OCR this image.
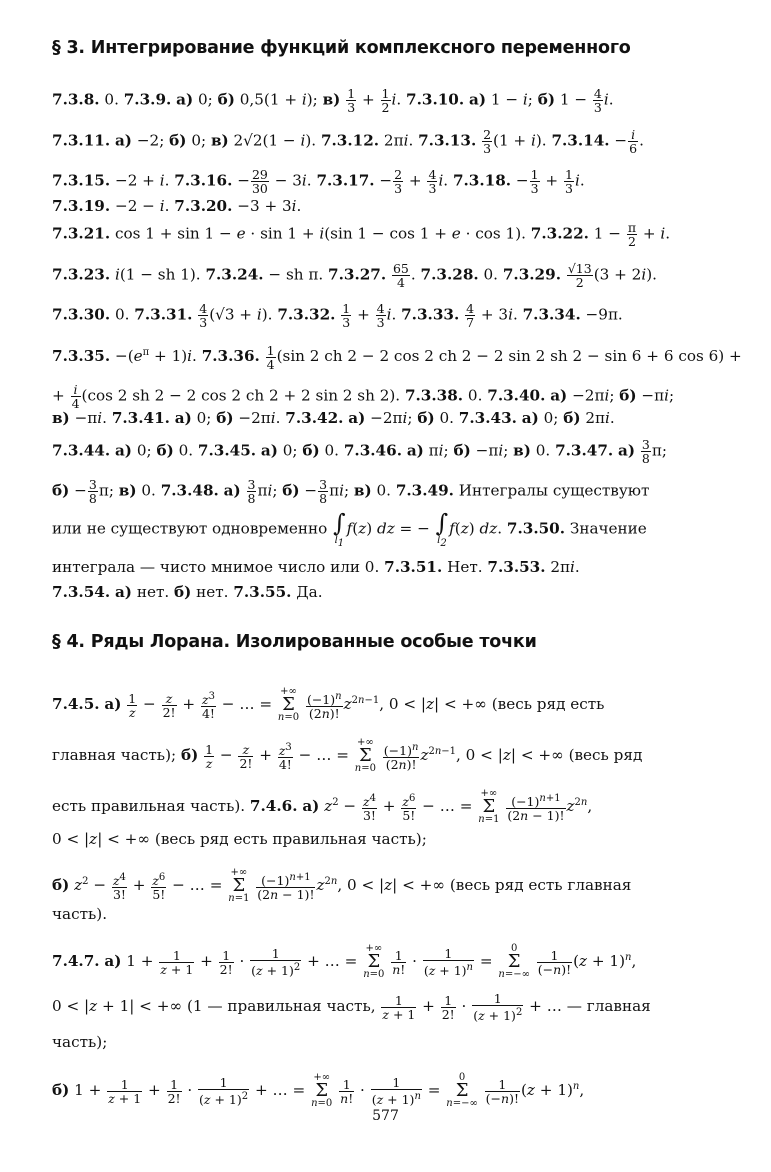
§ 3. Интегрирование функций комплексного переменного
7.3.8. 0. 7.3.9. а) 0; б) 0,5(1 + i); $в) \frac{1}{3} + \frac{1}{2} i$. 7.3.10. а) 1 − i; б) $1 - \frac{4}{3} i$.
7.3.11. а) −2; б) 0; в) 2√2(1 − i). 7.3.12. 2πi. 7.3.13. $\frac{2}{3} (1 + i)$. 7.3.14. − $\frac{i}{6}$ .
7.3.15. −2 + i. 7.3.16. − $\frac{29}{30} - 3i$. 7.3.17. − $\frac{2}{3} + \frac{4}{3} i$. 7.3.18. − $\frac{1}{3} + \frac{1}{3} i$.
7.3.19. −2 − i. 7.3.20. −3 + 3i.
7.3.21. cos 1 + sin 1 − e · sin 1 + i(sin 1 − cos 1 + e · cos 1). 7.3.22. $1 - \frac{\pi}{2} + i$.
7.3.23. i(1 − sh 1). 7.3.24. − sh π. 7.3.27. $\frac{65}{4}$ . 7.3.28. 0. 7.3.29. $\frac{√13}{2} (3 + 2i)$.
7.3.30. 0. 7.3.31. $\frac{4}{3} (√3 + i)$. 7.3.32. $\frac{1}{3} + \frac{4}{3} i$. 7.3.33. $\frac{4}{7} + 3i$. 7.3.34. −9π.
7.3.35. $-(e^\pi + 1)i$. 7.3.36. $\frac{1}{4} (\sin$ 2 ch 2 − 2 cos 2 ch 2 − 2 sin 2 sh 2 − sin 6 + 6 cos 6) +
+ $\frac{i}{4} (\cos$ 2 sh 2 − 2 cos 2 ch 2 + 2 sin 2 sh 2). 7.3.38. 0. 7.3.40. а) −2πi; б) −πi;
в) −πi. 7.3.41. а) 0; б) −2πi. 7.3.42. а) −2πi; б) 0. 7.3.43. а) 0; б) 2πi.
7.3.44. а) 0; б) 0. 7.3.45. а) 0; б) 0. 7.3.46. а) πi; б) −πi; в) 0. 7.3.47. $а) \frac{3}{8} \pi$;
$б) - \frac{3}{8} \pi$; в) 0. 7.3.48. $а) \frac{3}{8} \pi i$; $б) - \frac{3}{8} \pi i$; в) 0. 7.3.49. Интегралы существуют
или не существуют одновременно ∫
$l_1$
f(z) dz = − ∫
$l_2$
f(z) dz. 7.3.50. Значение
интеграла — чисто мнимое число или 0. 7.3.51. Нет. 7.3.53. 2πi.
7.3.54. а) нет. б) нет. 7.3.55. Да.
§ 4. Ряды Лорана. Изолированные особые точки
7.4.5. $а) \frac{1}{z} - \frac{z}{2!} + \frac{z^3}{4!}$ − … = +∞
Σ
$n=0 \frac{(-1)^n}{(2n)!} z^{2n-1}$, 0 < |z| < +∞ (весь ряд есть
главная часть); $б) \frac{1}{z} - \frac{z}{2!} + \frac{z^3}{4!}$ − … = +∞
Σ
$n=0 \frac{(-1)^n}{(2n)!} z^{2n-1}$, 0 < |z| < +∞ (весь ряд
есть правильная часть). 7.4.6. а) $z^2 - \frac{z^4}{3!} + \frac{z^6}{5!}$ − … = +∞
Σ
$n=1 \frac{(-1)^{n+1}}{(2n - 1)!} z^{2n}$,
0 < |z| < +∞ (весь ряд есть правильная часть);
б) $z^2 - \frac{z^4}{3!} + \frac{z^6}{5!}$ − … = +∞
Σ
$n=1 \frac{(-1)^{n+1}}{(2n - 1)!} z^{2n}$, 0 < |z| < +∞ (весь ряд есть главная
часть).
7.4.7. а) $1 + \frac{1}{z + 1} + \frac{1}{2!} \cdot \frac{1}{(z + 1)^2}$ + … = +∞
Σ
$n=0 \frac{1}{n!} \cdot \frac{1}{(z + 1)^n} = 0$
Σ
$n=-\infty \frac{1}{(-n)!} (z + 1)^n$,
0 < |z + 1| < +∞ (1 — правильная часть, $\frac{1}{z + 1} + \frac{1}{2!} \cdot \frac{1}{(z + 1)^2}$ + … — главная
часть);
б) $1 + \frac{1}{z + 1} + \frac{1}{2!} \cdot \frac{1}{(z + 1)^2}$ + … = +∞
Σ
$n=0 \frac{1}{n!} \cdot \frac{1}{(z + 1)^n} = 0$
Σ
$n=-\infty \frac{1}{(-n)!} (z + 1)^n$,
577
